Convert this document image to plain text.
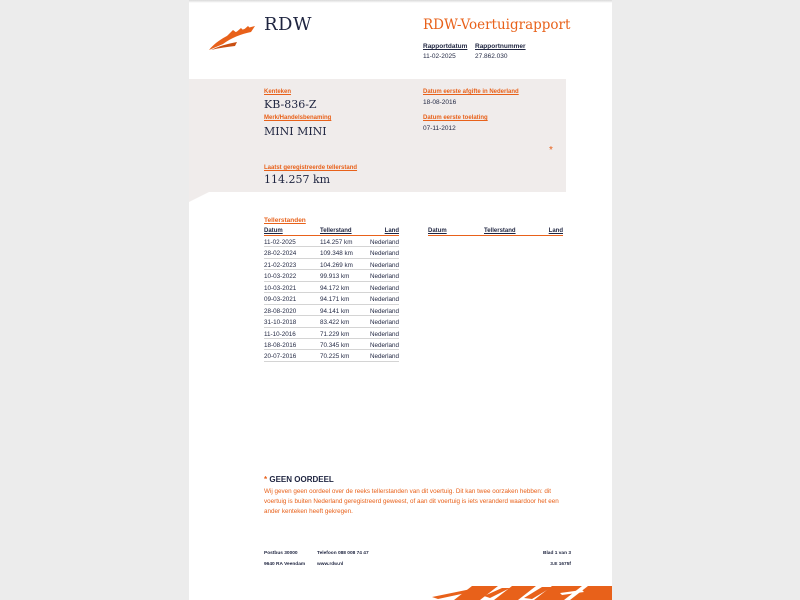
RDW	RDW-Voertuigrapport
Rapportdatum
11-02-2025
Rapportnummer
27.862.030
Kenteken
KB-836-Z
Merk/Handelsbenaming
MINI MINI
Datum eerste afgifte in Nederland
18-08-2016
Datum eerste toelating
07-11-2012
*
Laatst geregistreerde tellerstand
114.257 km
Tellerstanden
Datum	Tellerstand	Land
11-02-2025	114.257 km	Nederland
28-02-2024	109.348 km	Nederland
21-02-2023	104.269 km	Nederland
10-03-2022	99.913 km	Nederland
10-03-2021	94.172 km	Nederland
09-03-2021	94.171 km	Nederland
28-08-2020	94.141 km	Nederland
31-10-2018	83.422 km	Nederland
11-10-2016	71.229 km	Nederland
18-08-2016	70.345 km	Nederland
20-07-2016	70.225 km	Nederland
Datum	Tellerstand	Land
* GEEN OORDEEL
Wij geven geen oordeel over de reeks tellerstanden van dit voertuig. Dit kan twee oorzaken hebben: dit voertuig is buiten Nederland geregistreerd geweest, of aan dit voertuig is iets veranderd waardoor het een ander kenteken heeft gekregen.
Postbus 30000
9640 RA Veendam
Telefoon 088 008 74 47
www.rdw.nl
Blad 1 van 3
3.E 1675f
